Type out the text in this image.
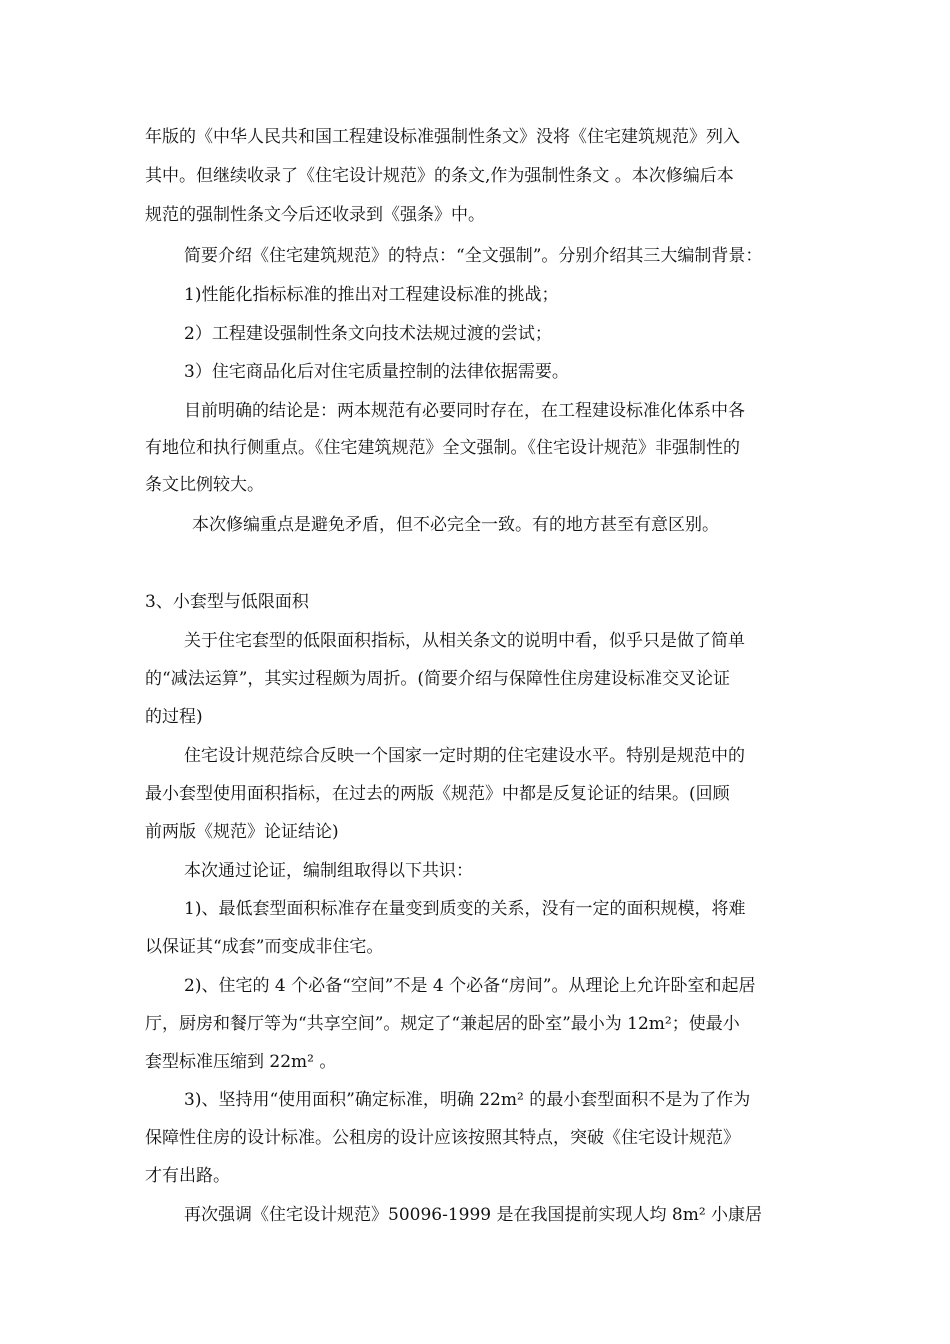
年版的《中华人民共和国工程建设标准强制性条文》没将《住宅建筑规范》列入
其中。但继续收录了《住宅设计规范》的条文,作为强制性条文 。本次修编后本
规范的强制性条文今后还收录到《强条》中。
简要介绍《住宅建筑规范》的特点：“全文强制”。分别介绍其三大编制背景：
1)性能化指标标准的推出对工程建设标准的挑战；
2）工程建设强制性条文向技术法规过渡的尝试；
3）住宅商品化后对住宅质量控制的法律依据需要。
目前明确的结论是：两本规范有必要同时存在，在工程建设标准化体系中各
有地位和执行侧重点。《住宅建筑规范》全文强制。《住宅设计规范》非强制性的
条文比例较大。
本次修编重点是避免矛盾，但不必完全一致。有的地方甚至有意区别。
3、小套型与低限面积
关于住宅套型的低限面积指标，从相关条文的说明中看，似乎只是做了简单
的“减法运算”，其实过程颇为周折。(简要介绍与保障性住房建设标准交叉论证
的过程)
住宅设计规范综合反映一个国家一定时期的住宅建设水平。特别是规范中的
最小套型使用面积指标，在过去的两版《规范》中都是反复论证的结果。(回顾
前两版《规范》论证结论)
本次通过论证，编制组取得以下共识：
1)、最低套型面积标准存在量变到质变的关系，没有一定的面积规模，将难
以保证其“成套”而变成非住宅。
2)、住宅的 4 个必备“空间”不是 4 个必备“房间”。从理论上允许卧室和起居
厅，厨房和餐厅等为“共享空间”。规定了“兼起居的卧室”最小为 12m²；使最小
套型标准压缩到 22m² 。
3)、坚持用“使用面积”确定标准，明确 22m² 的最小套型面积不是为了作为
保障性住房的设计标准。公租房的设计应该按照其特点，突破《住宅设计规范》
才有出路。
再次强调《住宅设计规范》50096-1999 是在我国提前实现人均 8m² 小康居
